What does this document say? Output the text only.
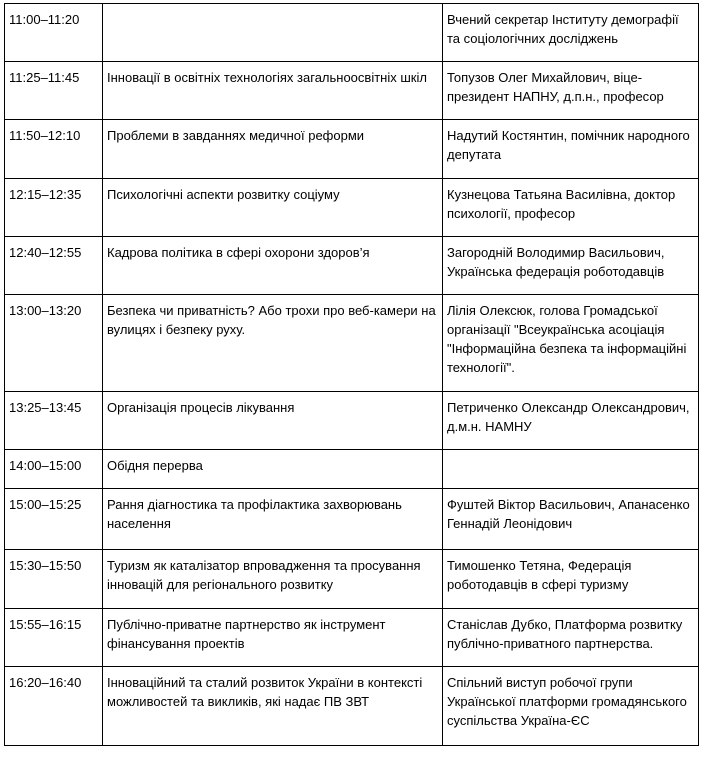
11:00–11:20		Вчений секретар Інституту демографії та соціологічних досліджень
11:25–11:45	Інновації в освітніх технологіях загальноосвітніх шкіл	Топузов Олег Михайлович, віце-президент НАПНУ, д.п.н., професор
11:50–12:10	Проблеми в завданнях медичної реформи	Надутий Костянтин, помічник народного депутата
12:15–12:35	Психологічні аспекти розвитку соціуму	Кузнецова Татьяна Василівна, доктор психології, професор
12:40–12:55	Кадрова політика в сфері охорони здоров’я	Загородній Володимир Васильович, Українська федерація роботодавців
13:00–13:20	Безпека чи приватність? Або трохи про веб-камери на вулицях і безпеку руху.	Лілія Олексюк, голова Громадської організації "Всеукраїнська асоціація "Інформаційна безпека та інформаційні технології".
13:25–13:45	Організація процесів лікування	Петриченко Олександр Олександрович, д.м.н. НАМНУ
14:00–15:00	Обідня перерва	
15:00–15:25	Рання діагностика та профілактика захворювань населення	Фуштей Віктор Васильович, Апанасенко Геннадій Леонідович
15:30–15:50	Туризм як каталізатор впровадження та просування інновацій для регіонального розвитку	Тимошенко Тетяна, Федерація роботодавців в сфері туризму
15:55–16:15	Публічно-приватне партнерство як інструмент фінансування проектів	Станіслав Дубко, Платформа розвитку публічно-приватного партнерства.
16:20–16:40	Інноваційний та сталий розвиток України в контексті можливостей та викликів, які надає ПВ ЗВТ	Спільний виступ робочої групи Української платформи громадянського суспільства Україна-ЄС
